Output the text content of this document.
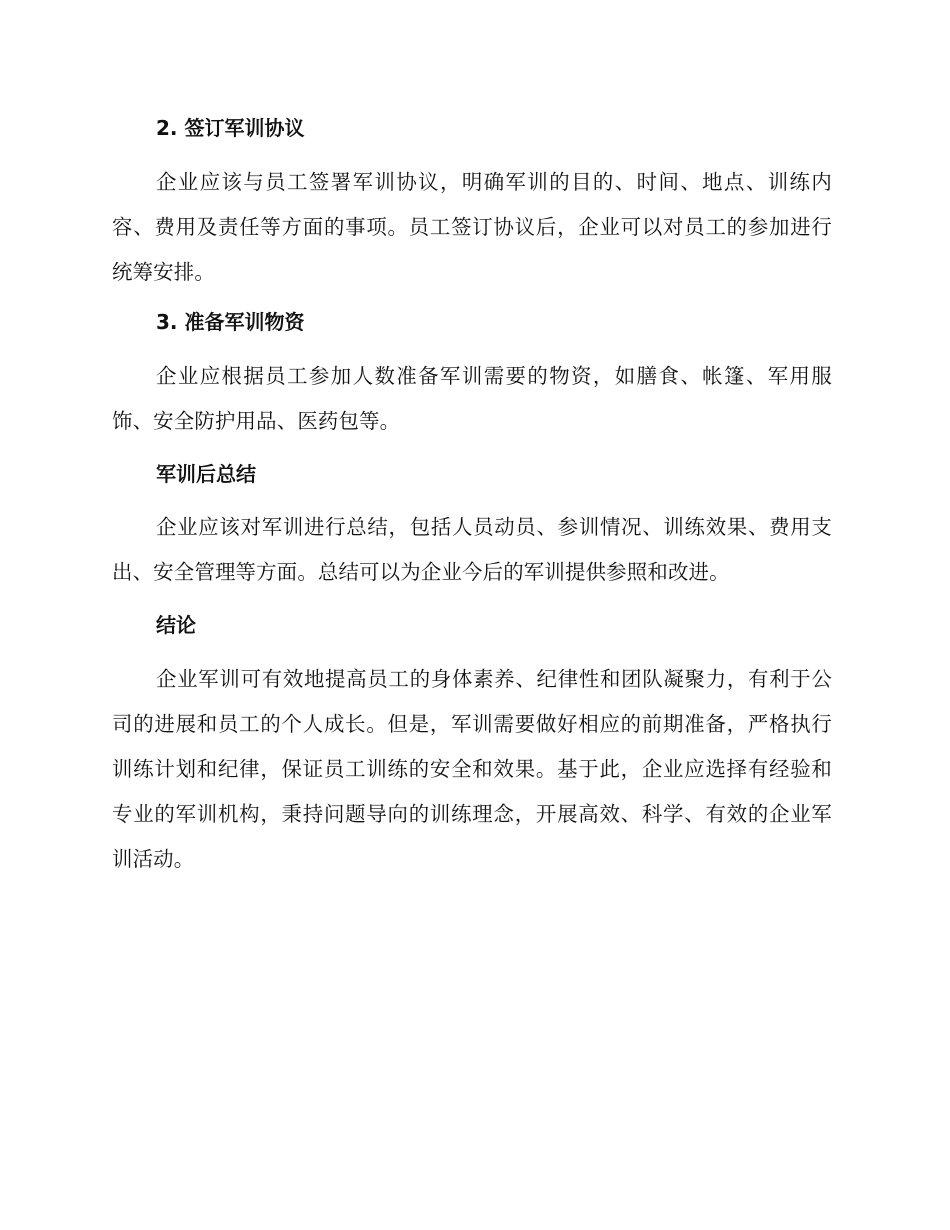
2. 签订军训协议

企业应该与员工签署军训协议，明确军训的目的、时间、地点、训练内容、费用及责任等方面的事项。员工签订协议后，企业可以对员工的参加进行统筹安排。

3. 准备军训物资

企业应根据员工参加人数准备军训需要的物资，如膳食、帐篷、军用服饰、安全防护用品、医药包等。

军训后总结

企业应该对军训进行总结，包括人员动员、参训情况、训练效果、费用支出、安全管理等方面。总结可以为企业今后的军训提供参照和改进。

结论

企业军训可有效地提高员工的身体素养、纪律性和团队凝聚力，有利于公司的进展和员工的个人成长。但是，军训需要做好相应的前期准备，严格执行训练计划和纪律，保证员工训练的安全和效果。基于此，企业应选择有经验和专业的军训机构，秉持问题导向的训练理念，开展高效、科学、有效的企业军训活动。
